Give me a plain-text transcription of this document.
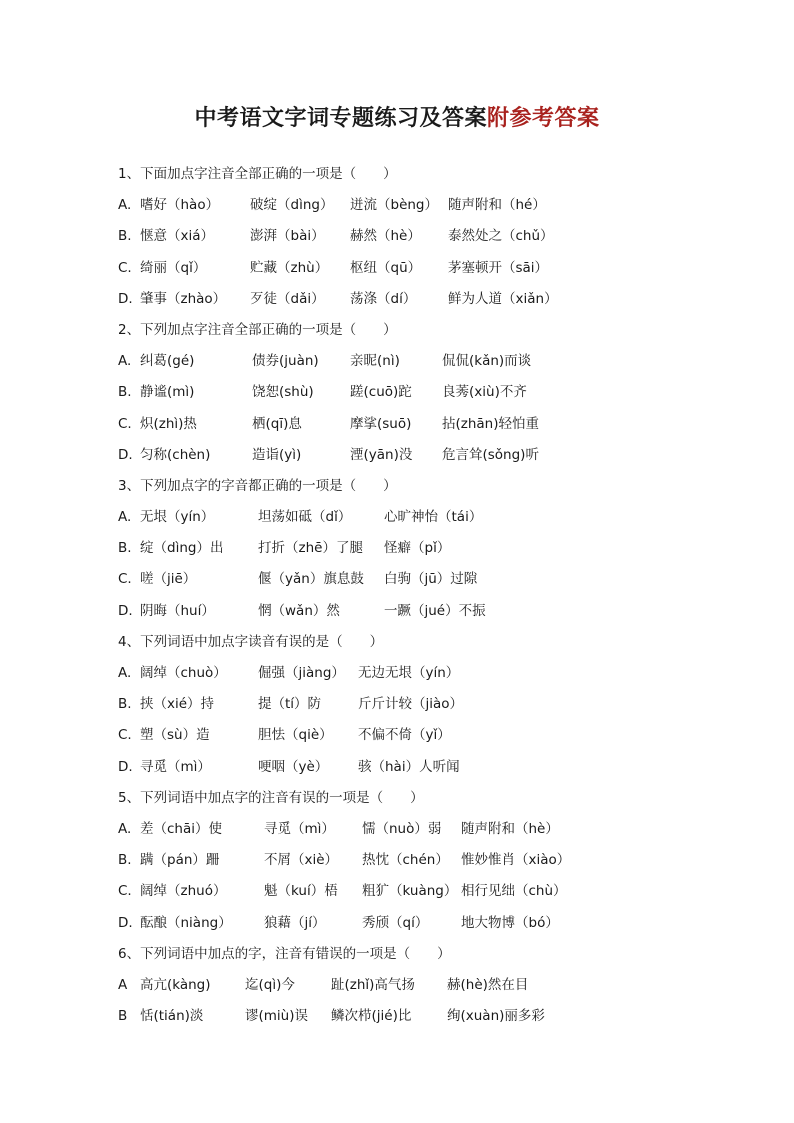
中考语文字词专题练习及答案附参考答案
1、下面加点字注音全部正确的一项是（　　）
A. 嗜好（hào） 破绽（dìng） 迸流（bèng） 随声附和（hé）
B. 惬意（xiá）	澎湃（bài） 赫然（hè） 泰然处之（chǔ）
C. 绮丽（qǐ）	贮藏（zhù） 枢纽（qū） 茅塞顿开（sāi）
D. 肇事（zhào） 歹徒（dǎi） 荡涤（dí） 鲜为人道（xiǎn）
2、下列加点字注音全部正确的一项是（　　）
A. 纠葛(gé)	债券(juàn) 亲昵(nì)	侃侃(kǎn)而谈
B. 静谧(mì)	饶恕(shù)	蹉(cuō)跎 良莠(xiù)不齐
C. 炽(zhì)热	栖(qī)息	摩挲(suō) 拈(zhān)轻怕重
D. 匀称(chèn)	造诣(yì)	湮(yān)没 危言耸(sǒng)听
3、下列加点字的字音都正确的一项是（　　）
A. 无垠（yín）	坦荡如砥（dǐ） 心旷神怡（tái）
B. 绽（dìng）出	打折（zhē）了腿 怪癖（pǐ）
C. 嗟（jiē）	偃（yǎn）旗息鼓 白驹（jū）过隙
D. 阴晦（huí）	惘（wǎn）然	一蹶（jué）不振
4、下列词语中加点字读音有误的是（　　）
A. 阔绰（chuò） 倔强（jiàng） 无边无垠（yín）
B. 挟（xié）持	提（tí）防	斤斤计较（jiào）
C. 塑（sù）造	胆怯（qiè） 不偏不倚（yǐ）
D. 寻觅（mì）	哽咽（yè） 骇（hài）人听闻
5、下列词语中加点字的注音有误的一项是（　　）
A. 差（chāi）使	寻觅（mì） 懦（nuò）弱 随声附和（hè）
B. 蹒（pán）跚	不屑（xiè） 热忱（chén） 惟妙惟肖（xiào）
C. 阔绰（zhuó）	魁（kuí）梧 粗犷（kuàng） 相行见绌（chù）
D. 酝酿（niàng） 狼藉（jí）	秀颀（qí） 地大物博（bó）
6、下列词语中加点的字，注音有错误的一项是（　　）
A 高亢(kàng)	迄(qì)今	趾(zhǐ)高气扬 赫(hè)然在目
B 恬(tián)淡	谬(miù)误 鳞次栉(jié)比	绚(xuàn)丽多彩
